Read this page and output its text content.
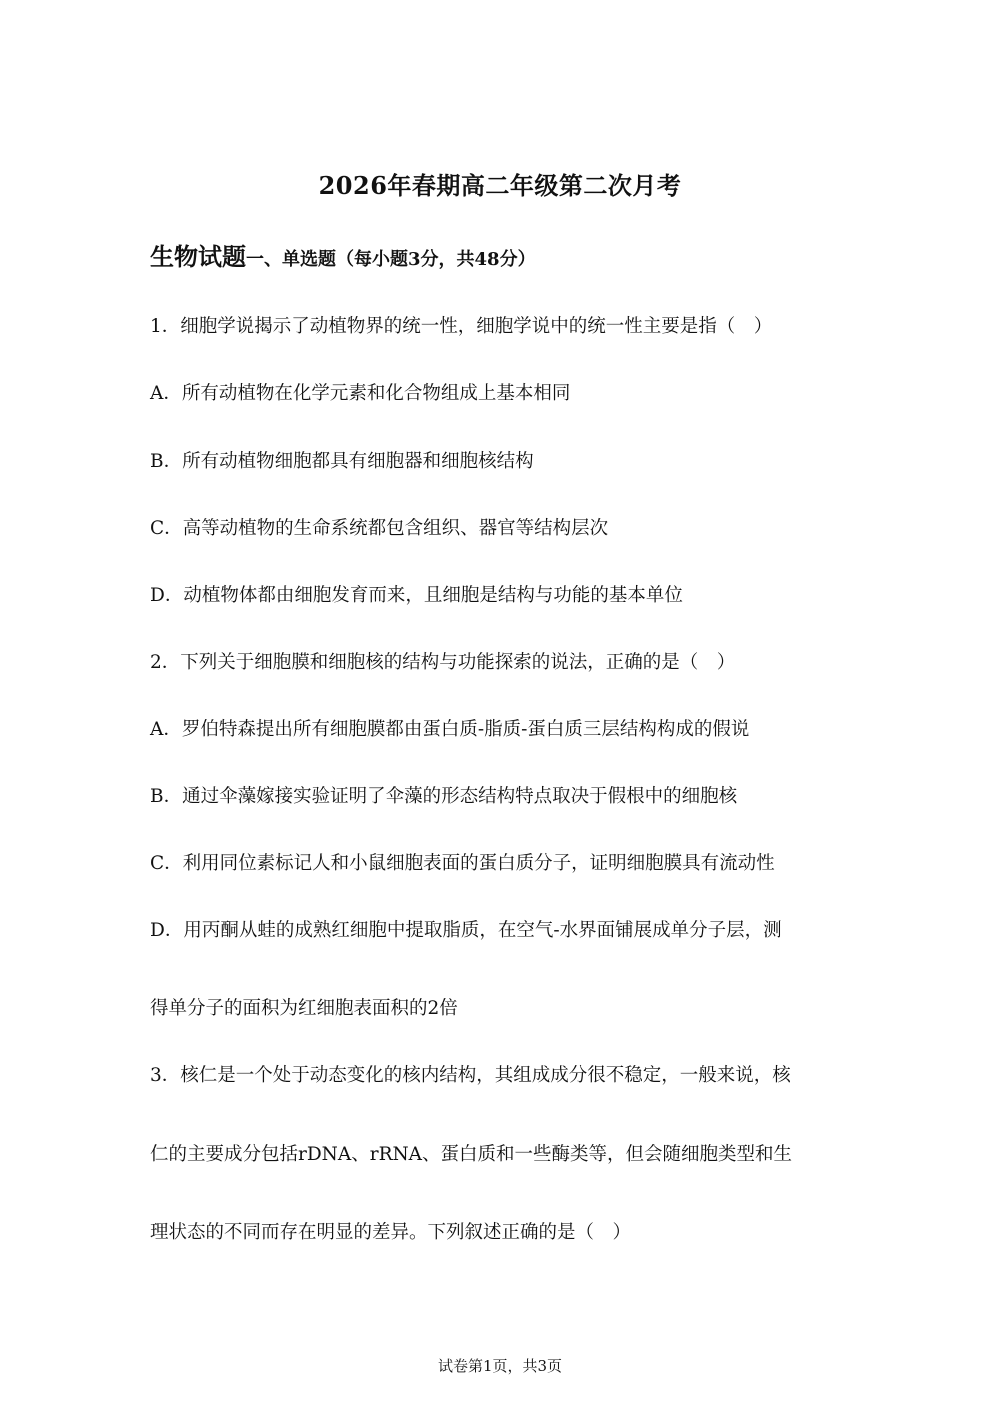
2026年春期高二年级第二次月考
生物试题一、单选题（每小题3分，共48分）
1．细胞学说揭示了动植物界的统一性，细胞学说中的统一性主要是指（　）
A．所有动植物在化学元素和化合物组成上基本相同
B．所有动植物细胞都具有细胞器和细胞核结构
C．高等动植物的生命系统都包含组织、器官等结构层次
D．动植物体都由细胞发育而来，且细胞是结构与功能的基本单位
2．下列关于细胞膜和细胞核的结构与功能探索的说法，正确的是（　）
A．罗伯特森提出所有细胞膜都由蛋白质-脂质-蛋白质三层结构构成的假说
B．通过伞藻嫁接实验证明了伞藻的形态结构特点取决于假根中的细胞核
C．利用同位素标记人和小鼠细胞表面的蛋白质分子，证明细胞膜具有流动性
D．用丙酮从蛙的成熟红细胞中提取脂质，在空气-水界面铺展成单分子层，测
得单分子的面积为红细胞表面积的2倍
3．核仁是一个处于动态变化的核内结构，其组成成分很不稳定，一般来说，核
仁的主要成分包括rDNA、rRNA、蛋白质和一些酶类等，但会随细胞类型和生
理状态的不同而存在明显的差异。下列叙述正确的是（　）
试卷第1页，共3页
